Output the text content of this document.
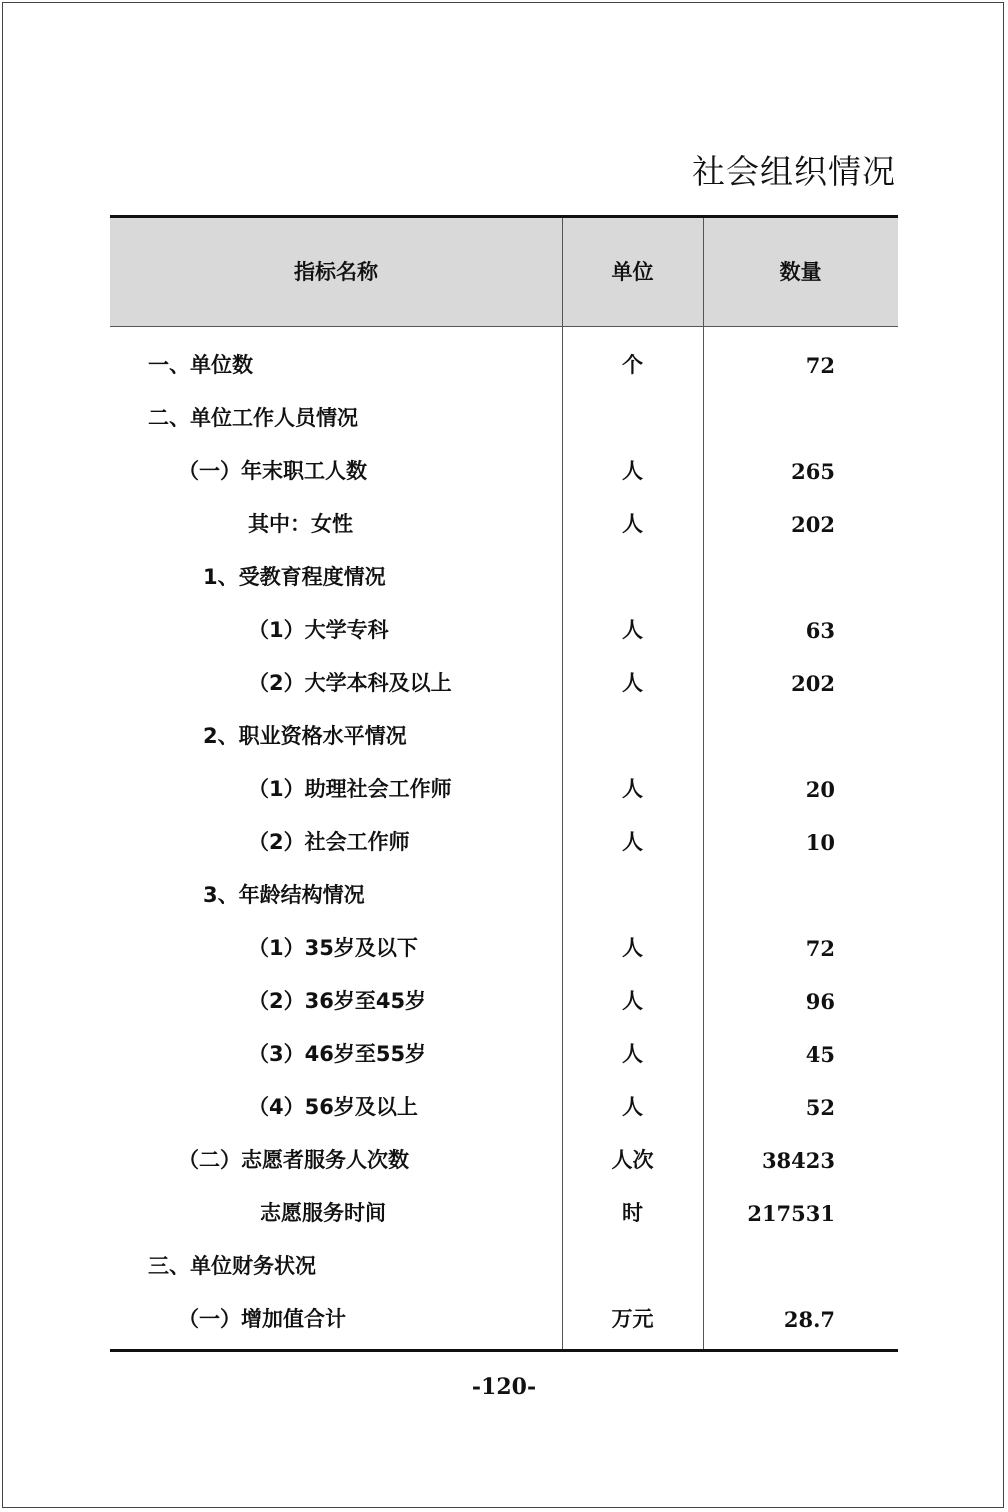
社会组织情况
指标名称	单位	数量
一、单位数	个	72
二、单位工作人员情况
（一）年末职工人数	人	265
其中：女性	人	202
1、受教育程度情况
（1）大学专科	人	63
（2）大学本科及以上	人	202
2、职业资格水平情况
（1）助理社会工作师	人	20
（2）社会工作师	人	10
3、年龄结构情况
（1）35岁及以下	人	72
（2）36岁至45岁	人	96
（3）46岁至55岁	人	45
（4）56岁及以上	人	52
（二）志愿者服务人次数	人次	38423
志愿服务时间	时	217531
三、单位财务状况
（一）增加值合计	万元	28.7
-120-
